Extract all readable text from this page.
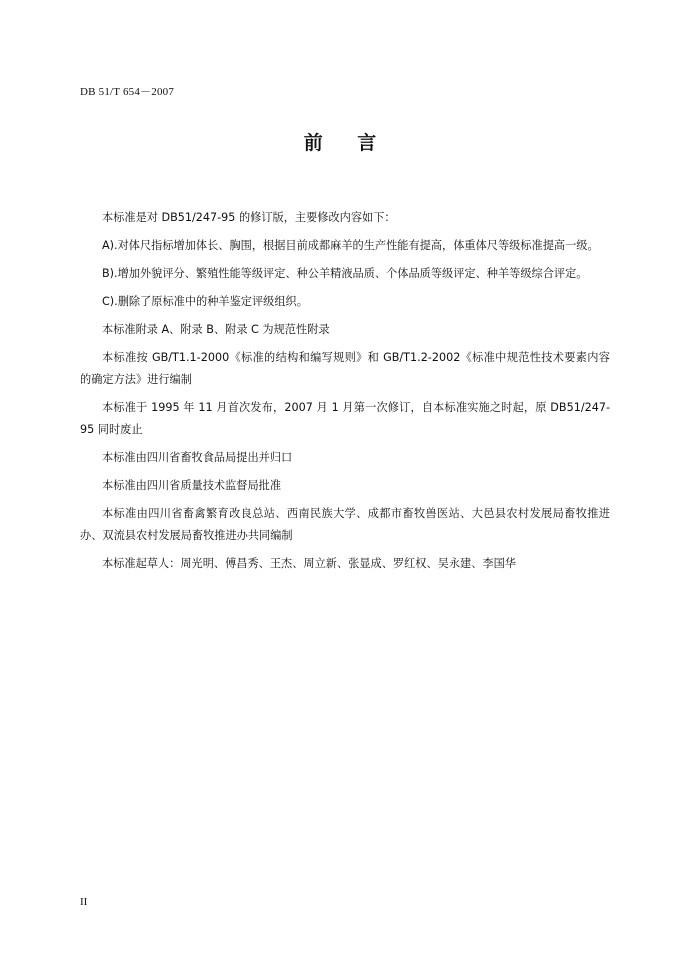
DB 51/T 654－2007
前 言

本标准是对 DB51/247-95 的修订版，主要修改内容如下：

A).对体尺指标增加体长、胸围，根据目前成都麻羊的生产性能有提高，体重体尺等级标准提高一级。

B).增加外貌评分、繁殖性能等级评定、种公羊精液品质、个体品质等级评定、种羊等级综合评定。

C).删除了原标准中的种羊鉴定评级组织。

本标准附录 A、附录 B、附录 C 为规范性附录

本标准按 GB/T1.1-2000《标准的结构和编写规则》和 GB/T1.2-2002《标准中规范性技术要素内容的确定方法》进行编制

本标准于 1995 年 11 月首次发布，2007 月 1 月第一次修订，自本标准实施之时起，原 DB51/247-95 同时废止

本标准由四川省畜牧食品局提出并归口

本标准由四川省质量技术监督局批准

本标准由四川省畜禽繁育改良总站、西南民族大学、成都市畜牧兽医站、大邑县农村发展局畜牧推进办、双流县农村发展局畜牧推进办共同编制

本标准起草人：周光明、傅昌秀、王杰、周立新、张显成、罗红权、吴永建、李国华

II
